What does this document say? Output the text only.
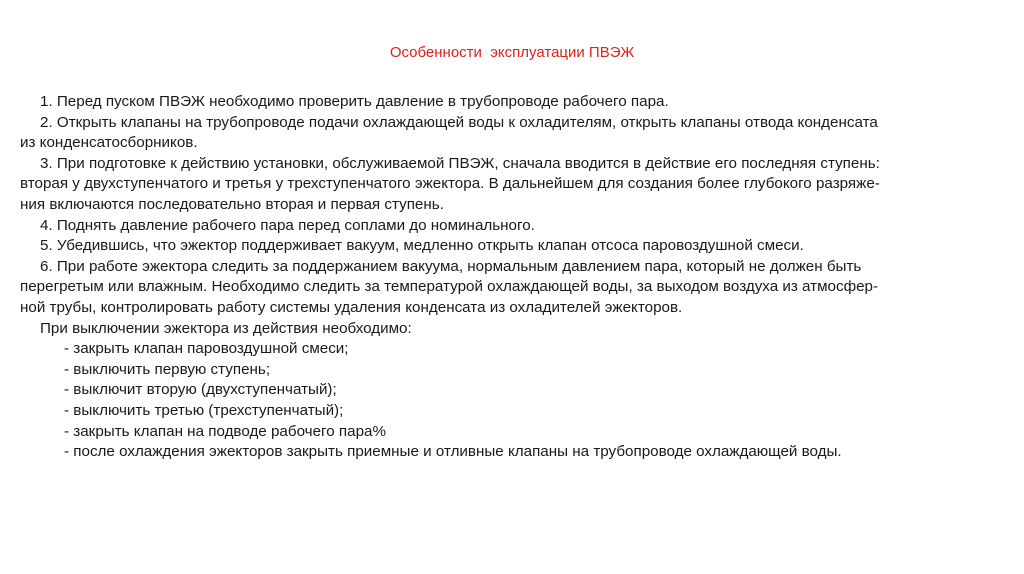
Особенности  эксплуатации ПВЭЖ
1. Перед пуском ПВЭЖ необходимо проверить давление в трубопроводе рабочего пара.
2. Открыть клапаны на трубопроводе подачи охлаждающей воды к охладителям, открыть клапаны отвода конденсата
из конденсатосборников.
3. При подготовке к действию установки, обслуживаемой ПВЭЖ, сначала вводится в действие его последняя ступень:
вторая у двухступенчатого и третья у трехступенчатого эжектора. В дальнейшем для создания более глубокого разряже-
ния включаются последовательно вторая и первая ступень.
4. Поднять давление рабочего пара перед соплами до номинального.
5. Убедившись, что эжектор поддерживает вакуум, медленно открыть клапан отсоса паровоздушной смеси.
6. При работе эжектора следить за поддержанием вакуума, нормальным давлением пара, который не должен быть
перегретым или влажным. Необходимо следить за температурой охлаждающей воды, за выходом воздуха из атмосфер-
ной трубы, контролировать работу системы удаления конденсата из охладителей эжекторов.
При выключении эжектора из действия необходимо:
- закрыть клапан паровоздушной смеси;
- выключить первую ступень;
- выключит вторую (двухступенчатый);
- выключить третью (трехступенчатый);
- закрыть клапан на подводе рабочего пара%
- после охлаждения эжекторов закрыть приемные и отливные клапаны на трубопроводе охлаждающей воды.
